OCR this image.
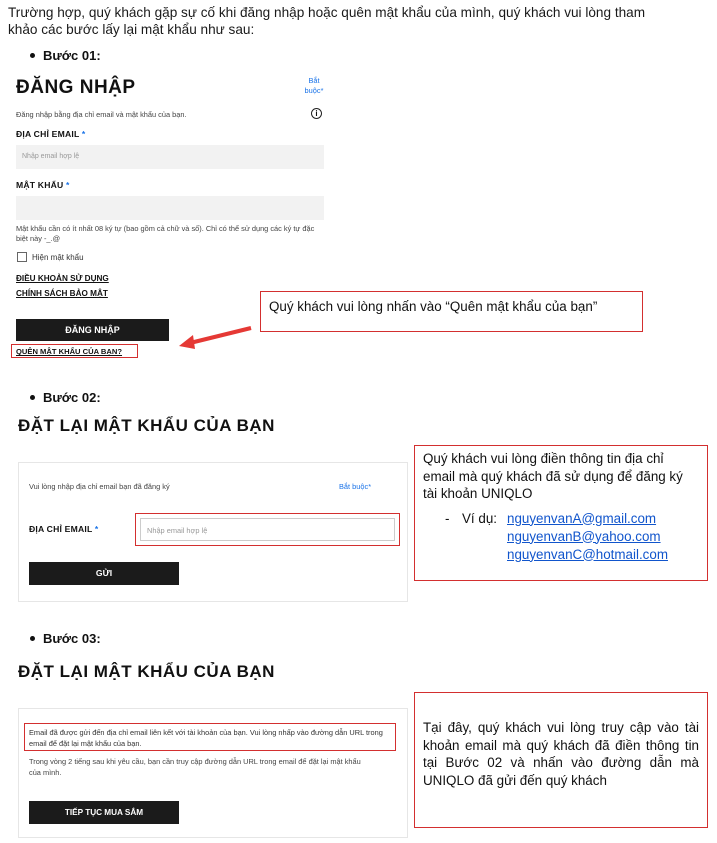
Trường hợp, quý khách gặp sự cố khi đăng nhập hoặc quên mật khẩu của mình, quý khách vui lòng tham khảo các bước lấy lại mật khẩu như sau:
Bước 01:
ĐĂNG NHẬP	Bắt buộc*
Đăng nhập bằng địa chỉ email và mật khẩu của bạn.	i
ĐỊA CHỈ EMAIL *
Nhập email hợp lệ
MẬT KHẨU *
Mật khẩu cần có ít nhất 08 ký tự (bao gồm cả chữ và số). Chỉ có thể sử dụng các ký tự đặc biệt này -_.@
Hiện mật khẩu
ĐIỀU KHOẢN SỬ DỤNG
CHÍNH SÁCH BẢO MẬT
ĐĂNG NHẬP
QUÊN MẬT KHẨU CỦA BẠN?
Quý khách vui lòng nhấn vào “Quên mật khẩu của bạn”
Bước 02:
ĐẶT LẠI MẬT KHẨU CỦA BẠN
Vui lòng nhập địa chỉ email bạn đã đăng ký	Bắt buộc*
ĐỊA CHỈ EMAIL *	Nhập email hợp lệ
GỬI
Quý khách vui lòng điền thông tin địa chỉ email mà quý khách đã sử dụng để đăng ký tài khoản UNIQLO
- Ví dụ: nguyenvanA@gmail.com
nguyenvanB@yahoo.com
nguyenvanC@hotmail.com
Bước 03:
ĐẶT LẠI MẬT KHẨU CỦA BẠN
Email đã được gửi đến địa chỉ email liên kết với tài khoản của bạn. Vui lòng nhấp vào đường dẫn URL trong email để đặt lại mật khẩu của bạn.
Trong vòng 2 tiếng sau khi yêu cầu, bạn cần truy cập đường dẫn URL trong email để đặt lại mật khẩu của mình.
TIẾP TỤC MUA SẮM
Tại đây, quý khách vui lòng truy cập vào tài khoản email mà quý khách đã điền thông tin tại Bước 02 và nhấn vào đường dẫn mà UNIQLO đã gửi đến quý khách
